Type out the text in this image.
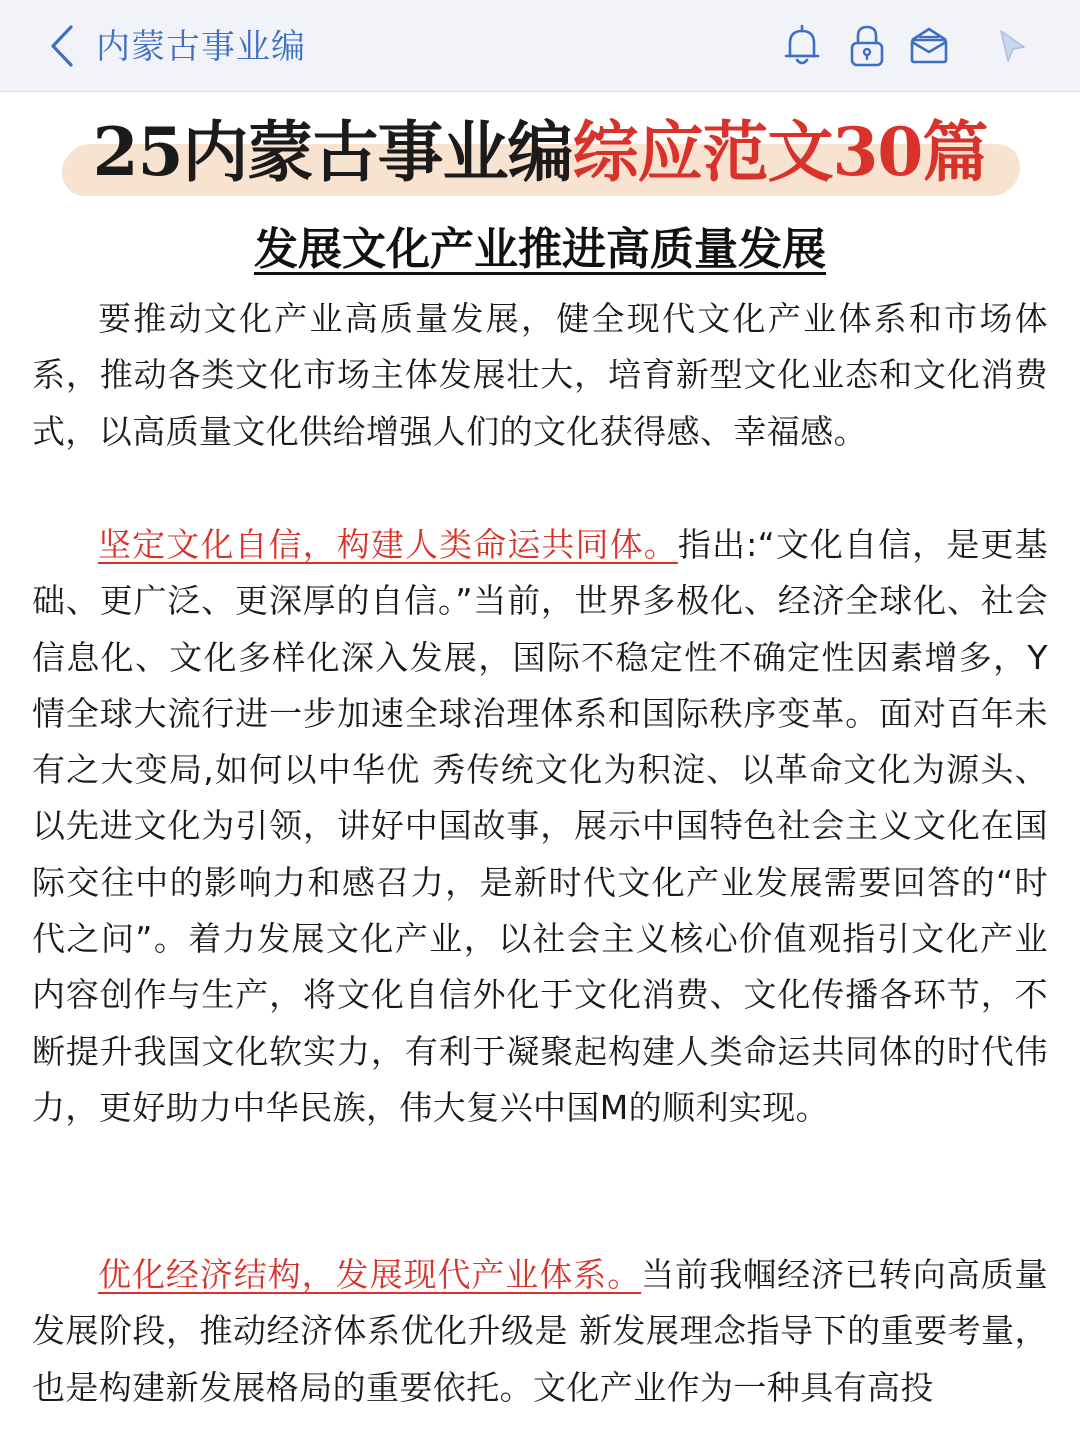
内蒙古事业编
25内蒙古事业编综应范文30篇
发展文化产业推进高质量发展
要推动文化产业高质量发展，健全现代文化产业体系和市场体系，推动各类文化市场主体发展壮大，培育新型文化业态和文化消费式，以高质量文化供给增强人们的文化获得感、幸福感。
坚定文化自信，构建人类命运共同体。指出:“文化自信，是更基础、更广泛、更深厚的自信。”当前，世界多极化、经济全球化、社会信息化、文化多样化深入发展，国际不稳定性不确定性因素增多，Y情全球大流行进一步加速全球治理体系和国际秩序变革。面对百年未有之大变局,如何以中华优 秀传统文化为积淀、以革命文化为源头、以先进文化为引领，讲好中国故事，展示中国特色社会主义文化在国际交往中的影响力和感召力，是新时代文化产业发展需要回答的“时代之问”。着力发展文化产业，以社会主义核心价值观指引文化产业内容创作与生产，将文化自信外化于文化消费、文化传播各环节，不断提升我国文化软实力，有利于凝聚起构建人类命运共同体的时代伟力，更好助力中华民族，伟大复兴中国M的顺利实现。
优化经济结构，发展现代产业体系。当前我帼经济已转向高质量发展阶段，推动经济体系优化升级是 新发展理念指导下的重要考量，也是构建新发展格局的重要依托。文化产业作为一种具有高投
